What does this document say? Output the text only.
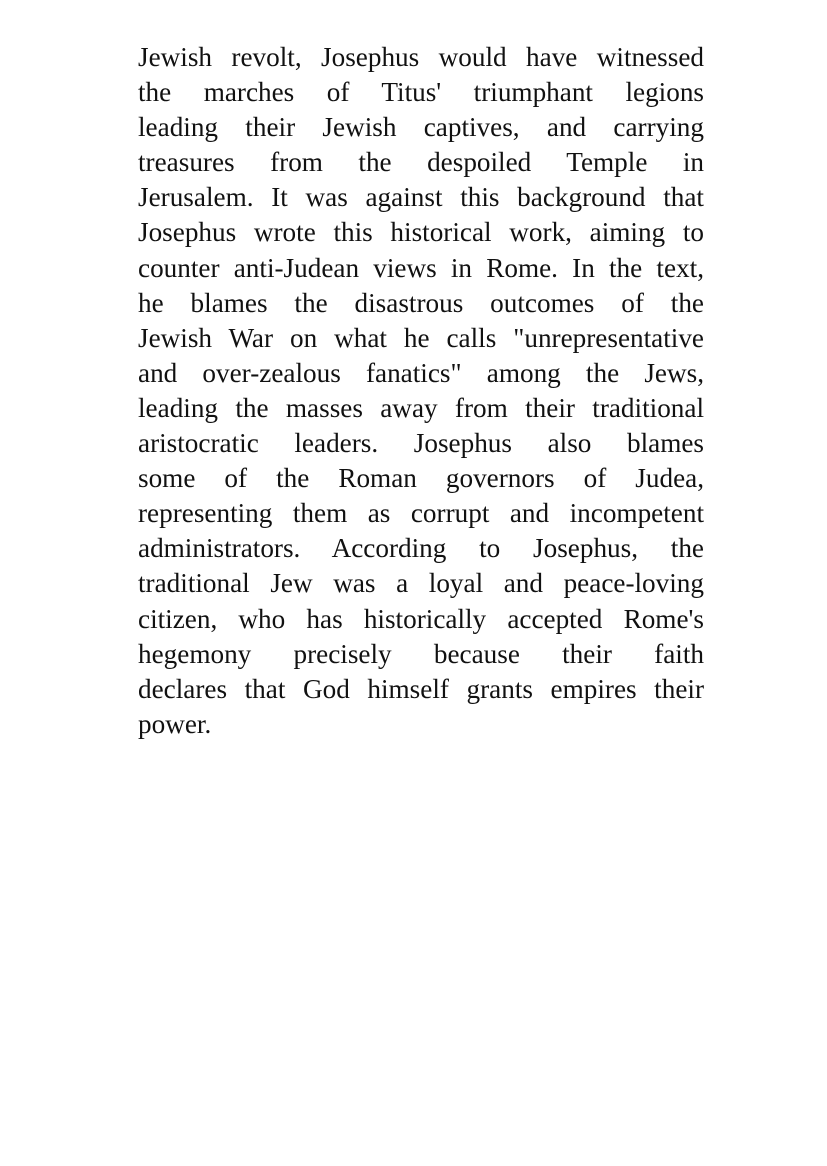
Jewish revolt, Josephus would have witnessed
the marches of Titus' triumphant legions
leading their Jewish captives, and carrying
treasures from the despoiled Temple in
Jerusalem. It was against this background that
Josephus wrote this historical work, aiming to
counter anti-Judean views in Rome. In the text,
he blames the disastrous outcomes of the
Jewish War on what he calls "unrepresentative
and over-zealous fanatics" among the Jews,
leading the masses away from their traditional
aristocratic leaders. Josephus also blames
some of the Roman governors of Judea,
representing them as corrupt and incompetent
administrators. According to Josephus, the
traditional Jew was a loyal and peace-loving
citizen, who has historically accepted Rome's
hegemony precisely because their faith
declares that God himself grants empires their
power.
